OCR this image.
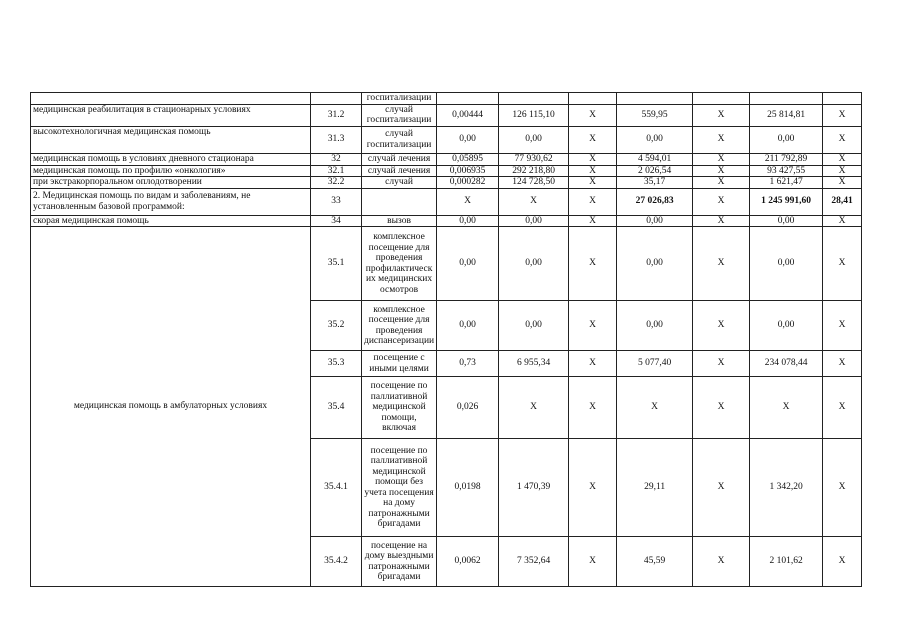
		госпитализации							
медицинская реабилитация в стационарных условиях	31.2	случай госпитализации	0,00444	126 115,10	Х	559,95	Х	25 814,81	Х
высокотехнологичная медицинская помощь	31.3	случай госпитализации	0,00	0,00	Х	0,00	Х	0,00	Х
медицинская помощь в условиях дневного стационара	32	случай лечения	0,05895	77 930,62	Х	4 594,01	Х	211 792,89	Х
медицинская помощь по профилю «онкология»	32.1	случай лечения	0,006935	292 218,80	Х	2 026,54	Х	93 427,55	Х
при экстракорпоральном оплодотворении	32.2	случай	0,000282	124 728,50	Х	35,17	Х	1 621,47	Х
2. Медицинская помощь по видам и заболеваниям, не установленным базовой программой:	33		Х	Х	Х	27 026,83	Х	1 245 991,60	28,41
скорая медицинская помощь	34	вызов	0,00	0,00	Х	0,00	Х	0,00	Х
медицинская помощь в амбулаторных условиях	35.1	комплексное посещение для проведения профилактическ их медицинских осмотров	0,00	0,00	Х	0,00	Х	0,00	Х
	35.2	комплексное посещение для проведения диспансеризации	0,00	0,00	Х	0,00	Х	0,00	Х
	35.3	посещение с иными целями	0,73	6 955,34	Х	5 077,40	Х	234 078,44	Х
	35.4	посещение по паллиативной медицинской помощи, включая	0,026	Х	Х	Х	Х	Х	Х
	35.4.1	посещение по паллиативной медицинской помощи без учета посещения на дому патронажными бригадами	0,0198	1 470,39	Х	29,11	Х	1 342,20	Х
	35.4.2	посещение на дому выездными патронажными бригадами	0,0062	7 352,64	Х	45,59	Х	2 101,62	Х
